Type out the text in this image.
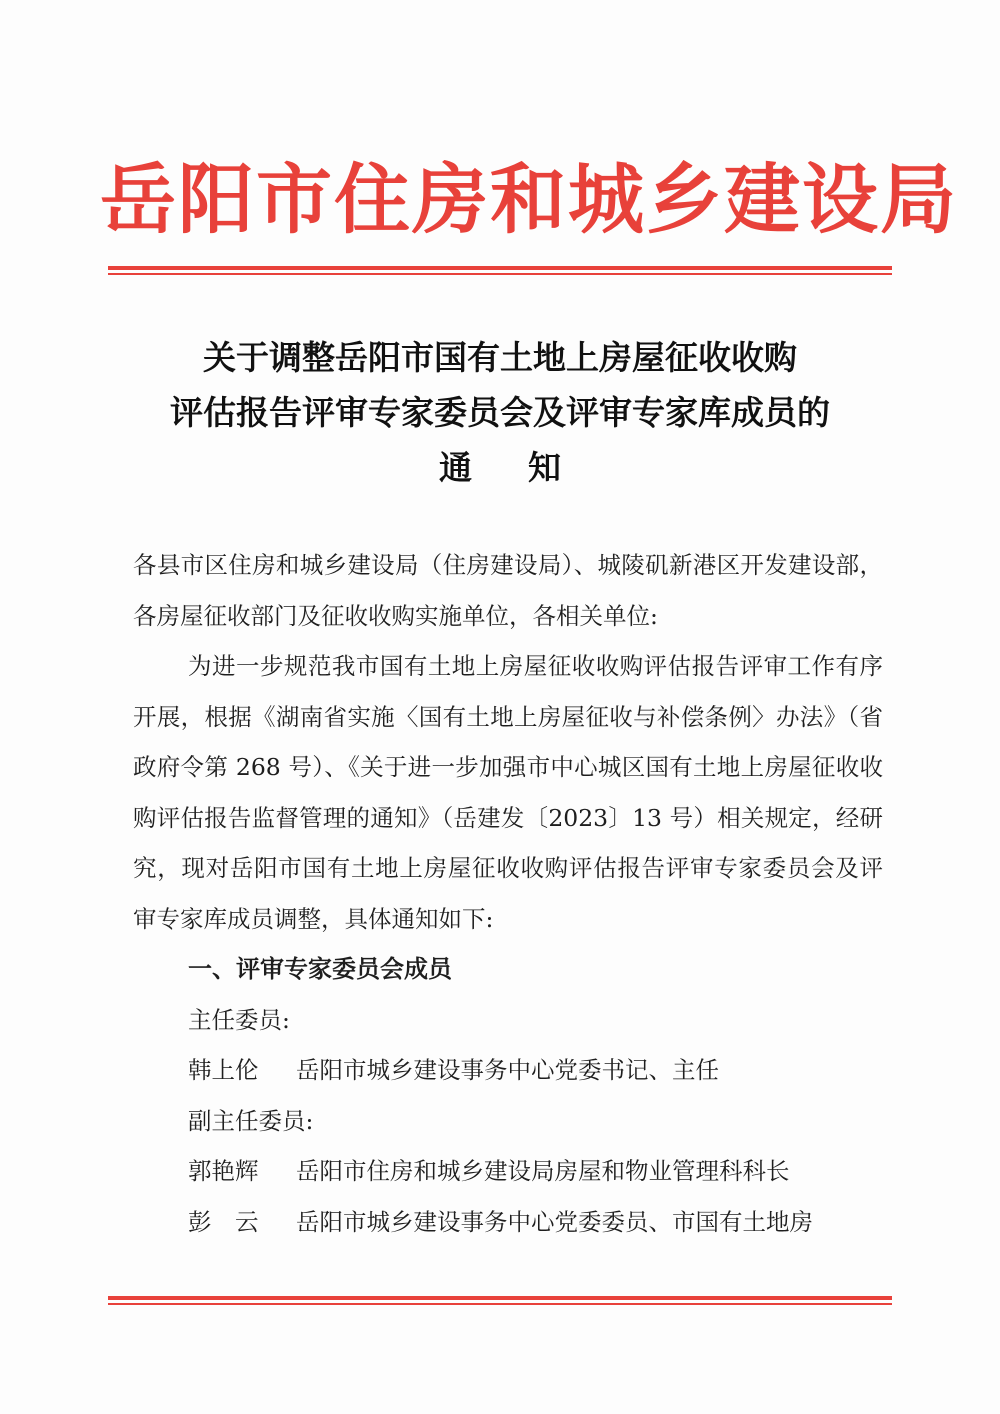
岳阳市住房和城乡建设局
关于调整岳阳市国有土地上房屋征收收购
评估报告评审专家委员会及评审专家库成员的
通知

各县市区住房和城乡建设局（住房建设局）、城陵矶新港区开发建设部，各房屋征收部门及征收收购实施单位，各相关单位:

为进一步规范我市国有土地上房屋征收收购评估报告评审工作有序开展，根据《湖南省实施〈国有土地上房屋征收与补偿条例〉办法》（省政府令第 268 号）、《关于进一步加强市中心城区国有土地上房屋征收收购评估报告监督管理的通知》（岳建发〔2023〕13 号）相关规定，经研究，现对岳阳市国有土地上房屋征收收购评估报告评审专家委员会及评审专家库成员调整，具体通知如下:

一、评审专家委员会成员
主任委员:
韩上伦	岳阳市城乡建设事务中心党委书记、主任
副主任委员:
郭艳辉	岳阳市住房和城乡建设局房屋和物业管理科科长
彭　云	岳阳市城乡建设事务中心党委委员、市国有土地房
